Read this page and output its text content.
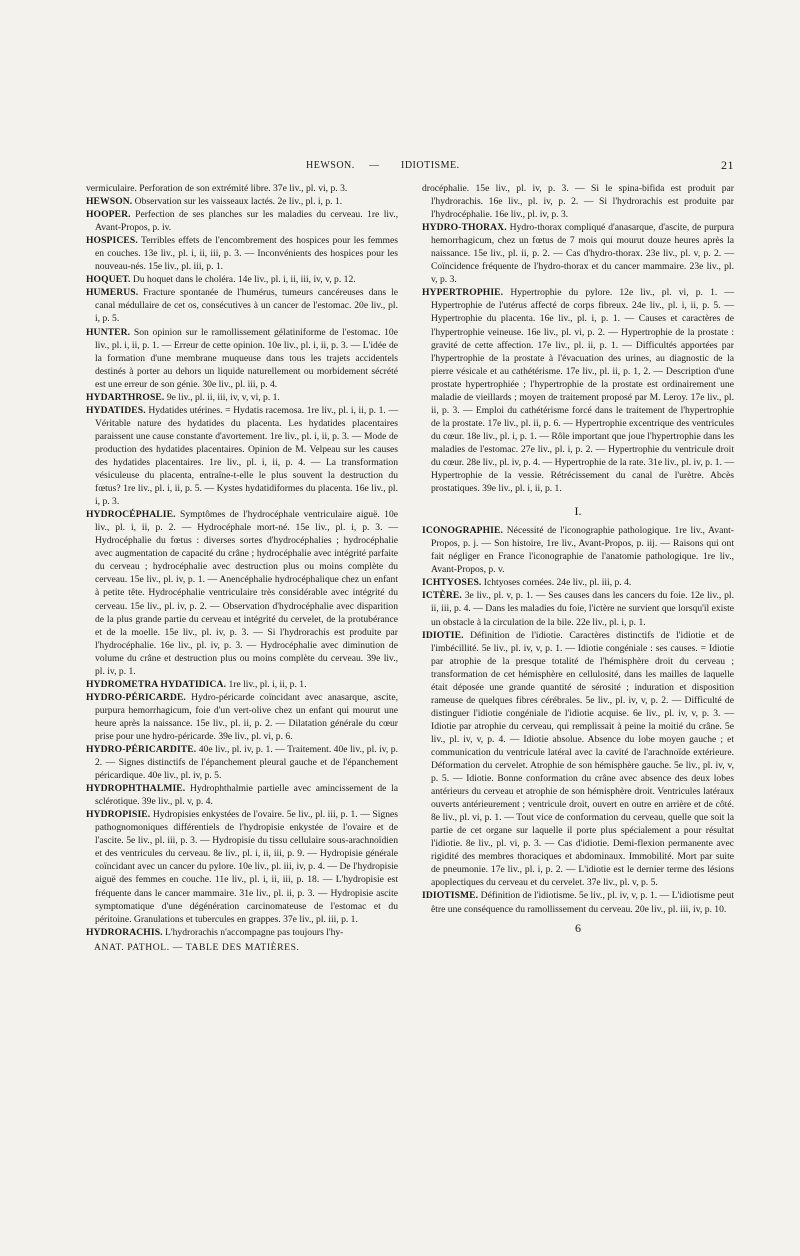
HEWSON. — IDIOTISME.	21
vermiculaire. Perforation de son extrémité libre. 37e liv., pl. vi, p. 3.
HEWSON. Observation sur les vaisseaux lactés. 2e liv., pl. i, p. 1.
HOOPER. Perfection de ses planches sur les maladies du cerveau. 1re liv., Avant-Propos, p. iv.
HOSPICES. Terribles effets de l'encombrement des hospices pour les femmes en couches. 13e liv., pl. i, ii, iii, p. 3. — Inconvénients des hospices pour les nouveau-nés. 15e liv., pl. iii, p. 1.
HOQUET. Du hoquet dans le choléra. 14e liv., pl. i, ii, iii, iv, v, p. 12.
HUMERUS. Fracture spontanée de l'humérus, tumeurs cancéreuses dans le canal médullaire de cet os, consécutives à un cancer de l'estomac. 20e liv., pl. i, p. 5.
HUNTER. Son opinion sur le ramollissement gélatiniforme de l'estomac. 10e liv., pl. i, ii, p. 1. — Erreur de cette opinion. 10e liv., pl. i, ii, p. 3. — L'idée de la formation d'une membrane muqueuse dans tous les trajets accidentels destinés à porter au dehors un liquide naturellement ou morbidement sécrété est une erreur de son génie. 30e liv., pl. iii, p. 4.
HYDARTHROSE. 9e liv., pl. ii, iii, iv, v, vi, p. 1.
HYDATIDES. Hydatides utérines. = Hydatis racemosa. 1re liv., pl. i, ii, p. 1. — Véritable nature des hydatides du placenta. Les hydatides placentaires paraissent une cause constante d'avortement. 1re liv., pl. i, ii, p. 3. — Mode de production des hydatides placentaires. Opinion de M. Velpeau sur les causes des hydatides placentaires. 1re liv., pl. i, ii, p. 4. — La transformation vésiculeuse du placenta, entraîne-t-elle le plus souvent la destruction du fœtus? 1re liv., pl. i, ii, p. 5. — Kystes hydatidiformes du placenta. 16e liv., pl. i, p. 3.
HYDROCÉPHALIE. Symptômes de l'hydrocéphale ventriculaire aiguë. 10e liv., pl. i, ii, p. 2. — Hydrocéphale mort-né. 15e liv., pl. i, p. 3. — Hydrocéphalie du fœtus : diverses sortes d'hydrocéphalies ; hydrocéphalie avec augmentation de capacité du crâne ; hydrocéphalie avec intégrité parfaite du cerveau ; hydrocéphalie avec destruction plus ou moins complète du cerveau. 15e liv., pl. iv, p. 1. — Anencéphalie hydrocéphalique chez un enfant à petite tête. Hydrocéphalie ventriculaire très considérable avec intégrité du cerveau. 15e liv., pl. iv, p. 2. — Observation d'hydrocéphalie avec disparition de la plus grande partie du cerveau et intégrité du cervelet, de la protubérance et de la moelle. 15e liv., pl. iv, p. 3. — Si l'hydrorachis est produite par l'hydrocéphalie. 16e liv., pl. iv, p. 3. — Hydrocéphalie avec diminution de volume du crâne et destruction plus ou moins complète du cerveau. 39e liv., pl. iv, p. 1.
HYDROMETRA HYDATIDICA. 1re liv., pl. i, ii, p. 1.
HYDRO-PÉRICARDE. Hydro-péricarde coïncidant avec anasarque, ascite, purpura hemorrhagicum, foie d'un vert-olive chez un enfant qui mourut une heure après la naissance. 15e liv., pl. ii, p. 2. — Dilatation générale du cœur prise pour une hydro-péricarde. 39e liv., pl. vi, p. 6.
HYDRO-PÉRICARDITE. 40e liv., pl. iv, p. 1. — Traitement. 40e liv., pl. iv, p. 2. — Signes distinctifs de l'épanchement pleural gauche et de l'épanchement péricardique. 40e liv., pl. iv, p. 5.
HYDROPHTHALMIE. Hydrophthalmie partielle avec amincissement de la sclérotique. 39e liv., pl. v, p. 4.
HYDROPISIE. Hydropisies enkystées de l'ovaire. 5e liv., pl. iii, p. 1. — Signes pathognomoniques différentiels de l'hydropisie enkystée de l'ovaire et de l'ascite. 5e liv., pl. iii, p. 3. — Hydropisie du tissu cellulaire sous-arachnoïdien et des ventricules du cerveau. 8e liv., pl. i, ii, iii, p. 9. — Hydropisie générale coïncidant avec un cancer du pylore. 10e liv., pl. iii, iv, p. 4. — De l'hydropisie aiguë des femmes en couche. 11e liv., pl. i, ii, iii, p. 18. — L'hydropisie est fréquente dans le cancer mammaire. 31e liv., pl. ii, p. 3. — Hydropisie ascite symptomatique d'une dégénération carcinomateuse de l'estomac et du péritoine. Granulations et tubercules en grappes. 37e liv., pl. iii, p. 1.
HYDRORACHIS. L'hydrorachis n'accompagne pas toujours l'hy-
ANAT. PATHOL. — TABLE DES MATIÈRES.
drocéphalie. 15e liv., pl. iv, p. 3. — Si le spina-bifida est produit par l'hydrorachis. 16e liv., pl. iv, p. 2. — Si l'hydrorachis est produite par l'hydrocéphalie. 16e liv., pl. iv, p. 3.
HYDRO-THORAX. Hydro-thorax compliqué d'anasarque, d'ascite, de purpura hemorrhagicum, chez un fœtus de 7 mois qui mourut douze heures après la naissance. 15e liv., pl. ii, p. 2. — Cas d'hydro-thorax. 23e liv., pl. v, p. 2. — Coïncidence fréquente de l'hydro-thorax et du cancer mammaire. 23e liv., pl. v, p. 3.
HYPERTROPHIE. Hypertrophie du pylore. 12e liv., pl. vi, p. 1. — Hypertrophie de l'utérus affecté de corps fibreux. 24e liv., pl. i, ii, p. 5. — Hypertrophie du placenta. 16e liv., pl. i, p. 1. — Causes et caractères de l'hypertrophie veineuse. 16e liv., pl. vi, p. 2. — Hypertrophie de la prostate : gravité de cette affection. 17e liv., pl. ii, p. 1. — Difficultés apportées par l'hypertrophie de la prostate à l'évacuation des urines, au diagnostic de la pierre vésicale et au cathétérisme. 17e liv., pl. ii, p. 1, 2. — Description d'une prostate hypertrophiée ; l'hypertrophie de la prostate est ordinairement une maladie de vieillards ; moyen de traitement proposé par M. Leroy. 17e liv., pl. ii, p. 3. — Emploi du cathétérisme forcé dans le traitement de l'hypertrophie de la prostate. 17e liv., pl. ii, p. 6. — Hypertrophie excentrique des ventricules du cœur. 18e liv., pl. i, p. 1. — Rôle important que joue l'hypertrophie dans les maladies de l'estomac. 27e liv., pl. i, p. 2. — Hypertrophie du ventricule droit du cœur. 28e liv., pl. iv, p. 4. — Hypertrophie de la rate. 31e liv., pl. iv, p. 1. — Hypertrophie de la vessie. Rétrécissement du canal de l'urètre. Abcès prostatiques. 39e liv., pl. i, ii, p. 1.
I.
ICONOGRAPHIE. Nécessité de l'iconographie pathologique. 1re liv., Avant-Propos, p. j. — Son histoire, 1re liv., Avant-Propos, p. iij. — Raisons qui ont fait négliger en France l'iconographie de l'anatomie pathologique. 1re liv., Avant-Propos, p. v.
ICHTYOSES. Ichtyoses cornées. 24e liv., pl. iii, p. 4.
ICTÈRE. 3e liv., pl. v, p. 1. — Ses causes dans les cancers du foie. 12e liv., pl. ii, iii, p. 4. — Dans les maladies du foie, l'ictère ne survient que lorsqu'il existe un obstacle à la circulation de la bile. 22e liv., pl. i, p. 1.
IDIOTIE. Définition de l'idiotie. Caractères distinctifs de l'idiotie et de l'imbécillité. 5e liv., pl. iv, v, p. 1. — Idiotie congéniale : ses causes. = Idiotie par atrophie de la presque totalité de l'hémisphère droit du cerveau ; transformation de cet hémisphère en cellulosité, dans les mailles de laquelle était déposée une grande quantité de sérosité ; induration et disposition rameuse de quelques fibres cérébrales. 5e liv., pl. iv, v, p. 2. — Difficulté de distinguer l'idiotie congéniale de l'idiotie acquise. 6e liv., pl. iv, v, p. 3. — Idiotie par atrophie du cerveau, qui remplissait à peine la moitié du crâne. 5e liv., pl. iv, v, p. 4. — Idiotie absolue. Absence du lobe moyen gauche ; et communication du ventricule latéral avec la cavité de l'arachnoïde extérieure. Déformation du cervelet. Atrophie de son hémisphère gauche. 5e liv., pl. iv, v, p. 5. — Idiotie. Bonne conformation du crâne avec absence des deux lobes antérieurs du cerveau et atrophie de son hémisphère droit. Ventricules latéraux ouverts antérieurement ; ventricule droit, ouvert en outre en arrière et de côté. 8e liv., pl. vi, p. 1. — Tout vice de conformation du cerveau, quelle que soit la partie de cet organe sur laquelle il porte plus spécialement a pour résultat l'idiotie. 8e liv., pl. vi, p. 3. — Cas d'idiotie. Demi-flexion permanente avec rigidité des membres thoraciques et abdominaux. Immobilité. Mort par suite de pneumonie. 17e liv., pl. i, p. 2. — L'idiotie est le dernier terme des lésions apoplectiques du cerveau et du cervelet. 37e liv., pl. v, p. 5.
IDIOTISME. Définition de l'idiotisme. 5e liv., pl. iv, v, p. 1. — L'idiotisme peut être une conséquence du ramollissement du cerveau. 20e liv., pl. iii, iv, p. 10.
6
